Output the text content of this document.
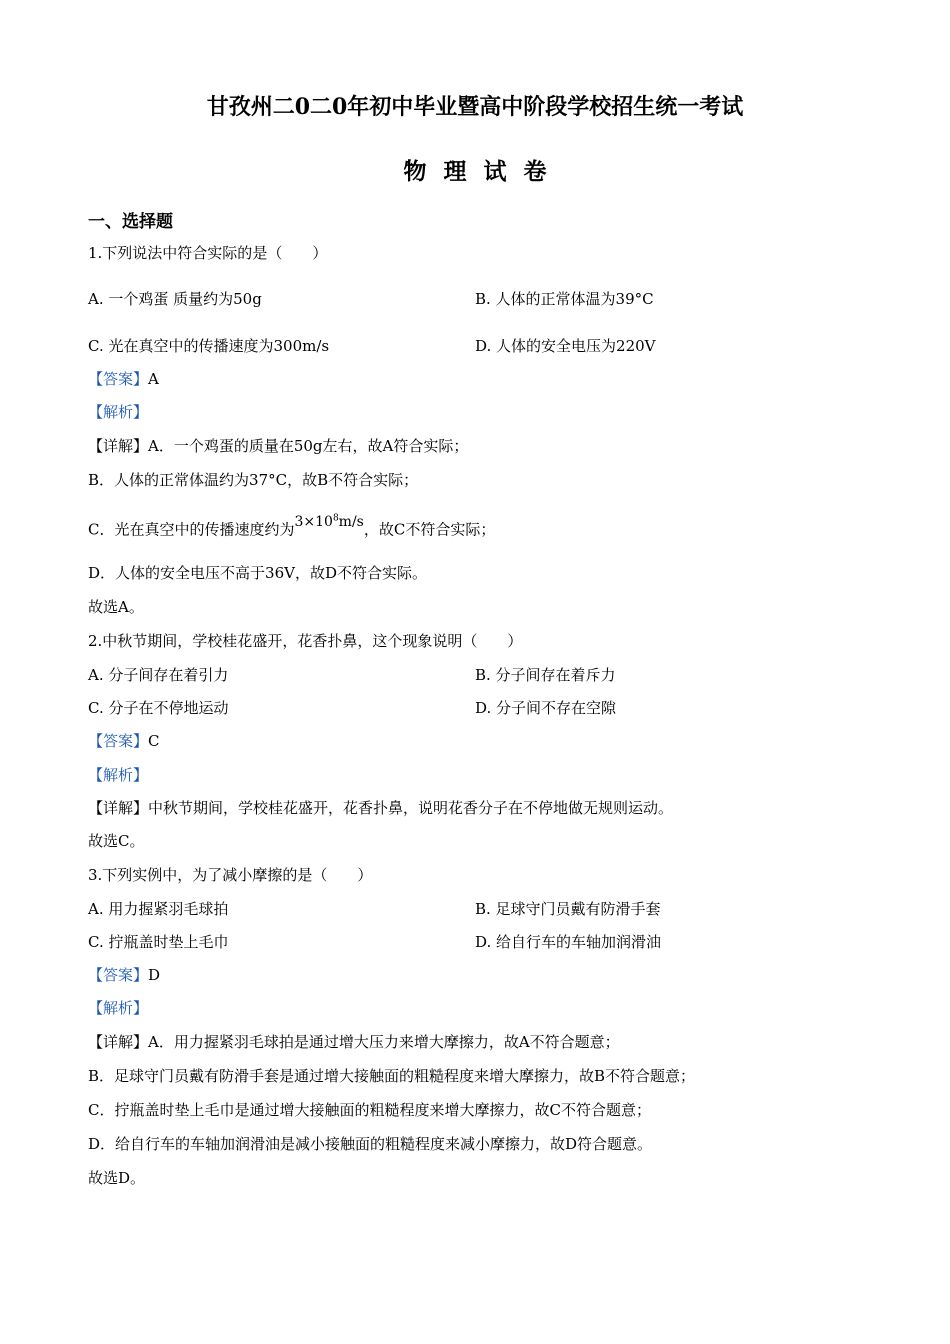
甘孜州二0二0年初中毕业暨高中阶段学校招生统一考试
物理试卷
一、选择题
1.下列说法中符合实际的是（　　）
A. 一个鸡蛋 质量约为50g	B. 人体的正常体温为39°C
C. 光在真空中的传播速度为300m/s	D. 人体的安全电压为220V
【答案】A
【解析】
【详解】A．一个鸡蛋的质量在50g左右，故A符合实际；
B．人体的正常体温约为37°C，故B不符合实际；
C．光在真空中的传播速度约为$3\times 10^8m/s$，故C不符合实际；
D．人体的安全电压不高于36V，故D不符合实际。
故选A。
2.中秋节期间，学校桂花盛开，花香扑鼻，这个现象说明（　　）
A. 分子间存在着引力	B. 分子间存在着斥力
C. 分子在不停地运动	D. 分子间不存在空隙
【答案】C
【解析】
【详解】中秋节期间，学校桂花盛开，花香扑鼻，说明花香分子在不停地做无规则运动。
故选C。
3.下列实例中，为了减小摩擦的是（　　）
A. 用力握紧羽毛球拍	B. 足球守门员戴有防滑手套
C. 拧瓶盖时垫上毛巾	D. 给自行车的车轴加润滑油
【答案】D
【解析】
【详解】A．用力握紧羽毛球拍是通过增大压力来增大摩擦力，故A不符合题意；
B．足球守门员戴有防滑手套是通过增大接触面的粗糙程度来增大摩擦力，故B不符合题意；
C．拧瓶盖时垫上毛巾是通过增大接触面的粗糙程度来增大摩擦力，故C不符合题意；
D．给自行车的车轴加润滑油是减小接触面的粗糙程度来减小摩擦力，故D符合题意。
故选D。
